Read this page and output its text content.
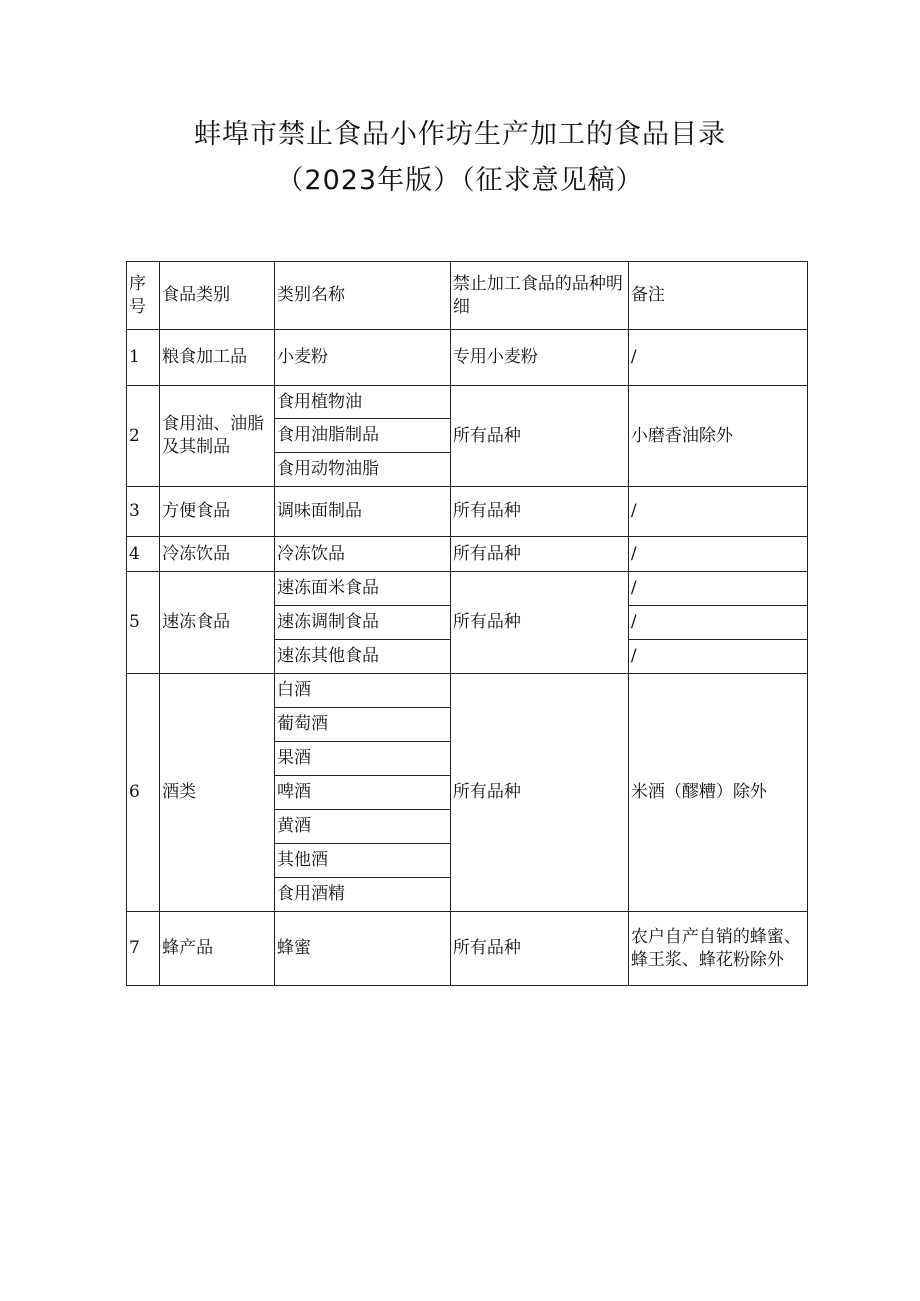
蚌埠市禁止食品小作坊生产加工的食品目录
（2023年版）（征求意见稿）
序号	食品类别	类别名称	禁止加工食品的品种明细	备注
1	粮食加工品	小麦粉	专用小麦粉	/
2	食用油、油脂及其制品	食用植物油	所有品种	小磨香油除外
		食用油脂制品		
		食用动物油脂		
3	方便食品	调味面制品	所有品种	/
4	冷冻饮品	冷冻饮品	所有品种	/
5	速冻食品	速冻面米食品	所有品种	/
		速冻调制食品		/
		速冻其他食品		/
6	酒类	白酒	所有品种	米酒（醪糟）除外
		葡萄酒		
		果酒		
		啤酒		
		黄酒		
		其他酒		
		食用酒精		
7	蜂产品	蜂蜜	所有品种	农户自产自销的蜂蜜、蜂王浆、蜂花粉除外
